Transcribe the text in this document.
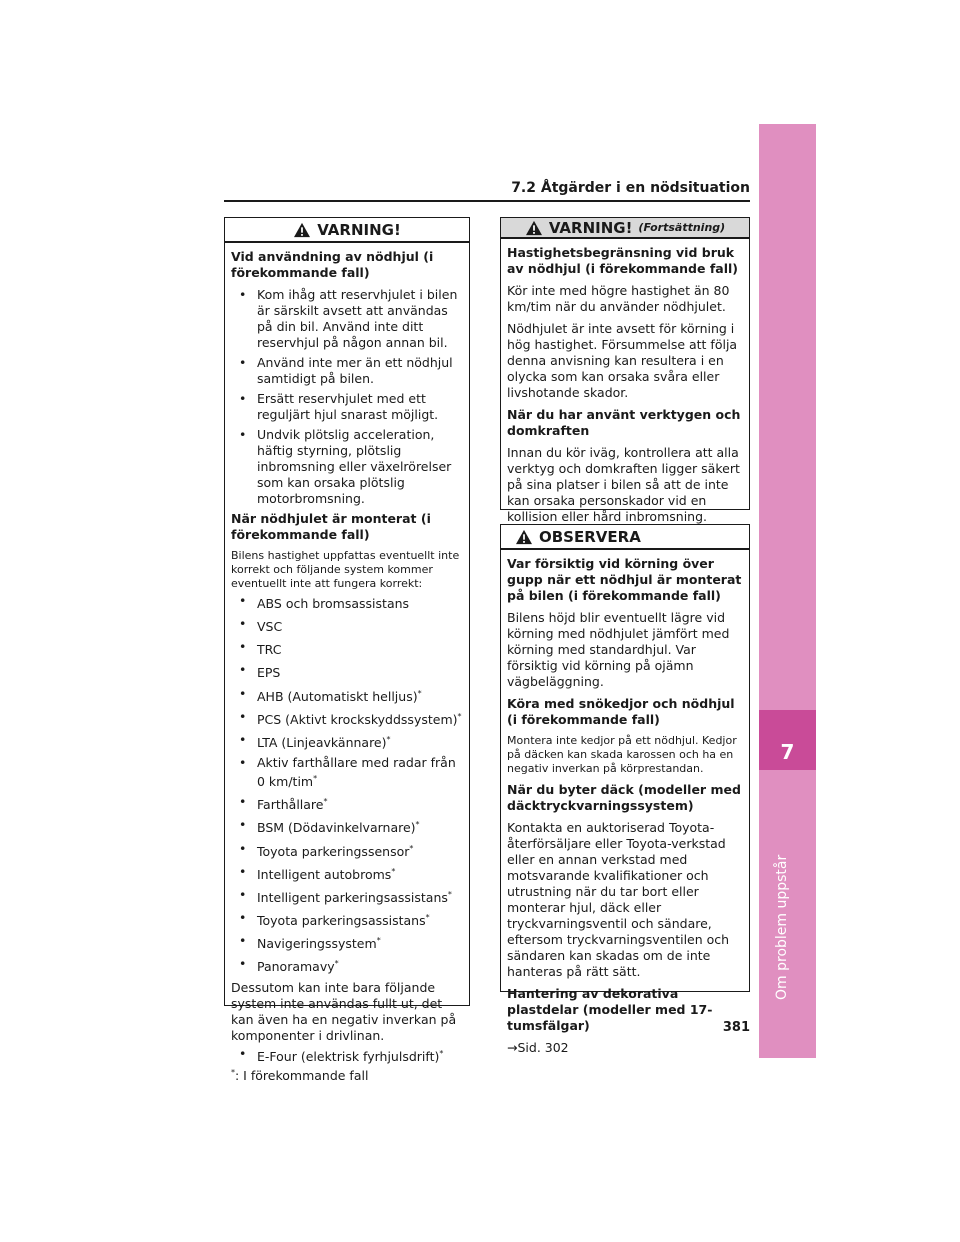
7
Om problem uppstår
7.2 Åtgärder i en nödsituation
VARNING!

Vid användning av nödhjul (i förekommande fall)

• Kom ihåg att reservhjulet i bilen är särskilt avsett att användas på din bil. Använd inte ditt reservhjul på någon annan bil.
• Använd inte mer än ett nödhjul samtidigt på bilen.
• Ersätt reservhjulet med ett reguljärt hjul snarast möjligt.
• Undvik plötslig acceleration, häftig styrning, plötslig inbromsning eller växelrörelser som kan orsaka plötslig motorbromsning.

När nödhjulet är monterat (i förekommande fall)

Bilens hastighet uppfattas eventuellt inte korrekt och följande system kommer eventuellt inte att fungera korrekt:

• ABS och bromsassistans
• VSC
• TRC
• EPS
• AHB (Automatiskt helljus)*
• PCS (Aktivt krockskyddssystem)*
• LTA (Linjeavkännare)*
• Aktiv farthållare med radar från 0 km/tim*
• Farthållare*
• BSM (Dödavinkelvarnare)*
• Toyota parkeringssensor*
• Intelligent autobroms*
• Intelligent parkeringsassistans*
• Toyota parkeringsassistans*
• Navigeringssystem*
• Panoramavy*

Dessutom kan inte bara följande system inte användas fullt ut, det kan även ha en negativ inverkan på komponenter i drivlinan.

• E-Four (elektrisk fyrhjulsdrift)*

*: I förekommande fall

VARNING! (Fortsättning)

Hastighetsbegränsning vid bruk av nödhjul (i förekommande fall)

Kör inte med högre hastighet än 80 km/tim när du använder nödhjulet.

Nödhjulet är inte avsett för körning i hög hastighet. Försummelse att följa denna anvisning kan resultera i en olycka som kan orsaka svåra eller livshotande skador.

När du har använt verktygen och domkraften

Innan du kör iväg, kontrollera att alla verktyg och domkraften ligger säkert på sina platser i bilen så att de inte kan orsaka personskador vid en kollision eller hård inbromsning.

OBSERVERA

Var försiktig vid körning över gupp när ett nödhjul är monterat på bilen (i förekommande fall)

Bilens höjd blir eventuellt lägre vid körning med nödhjulet jämfört med körning med standardhjul. Var försiktig vid körning på ojämn vägbeläggning.

Köra med snökedjor och nödhjul (i förekommande fall)

Montera inte kedjor på ett nödhjul. Kedjor på däcken kan skada karossen och ha en negativ inverkan på körprestandan.

När du byter däck (modeller med däcktryckvarningssystem)

Kontakta en auktoriserad Toyota-återförsäljare eller Toyota-verkstad eller en annan verkstad med motsvarande kvalifikationer och utrustning när du tar bort eller monterar hjul, däck eller tryckvarningsventil och sändare, eftersom tryckvarningsventilen och sändaren kan skadas om de inte hanteras på rätt sätt.

Hantering av dekorativa plastdelar (modeller med 17-tumsfälgar)

→Sid. 302

381
